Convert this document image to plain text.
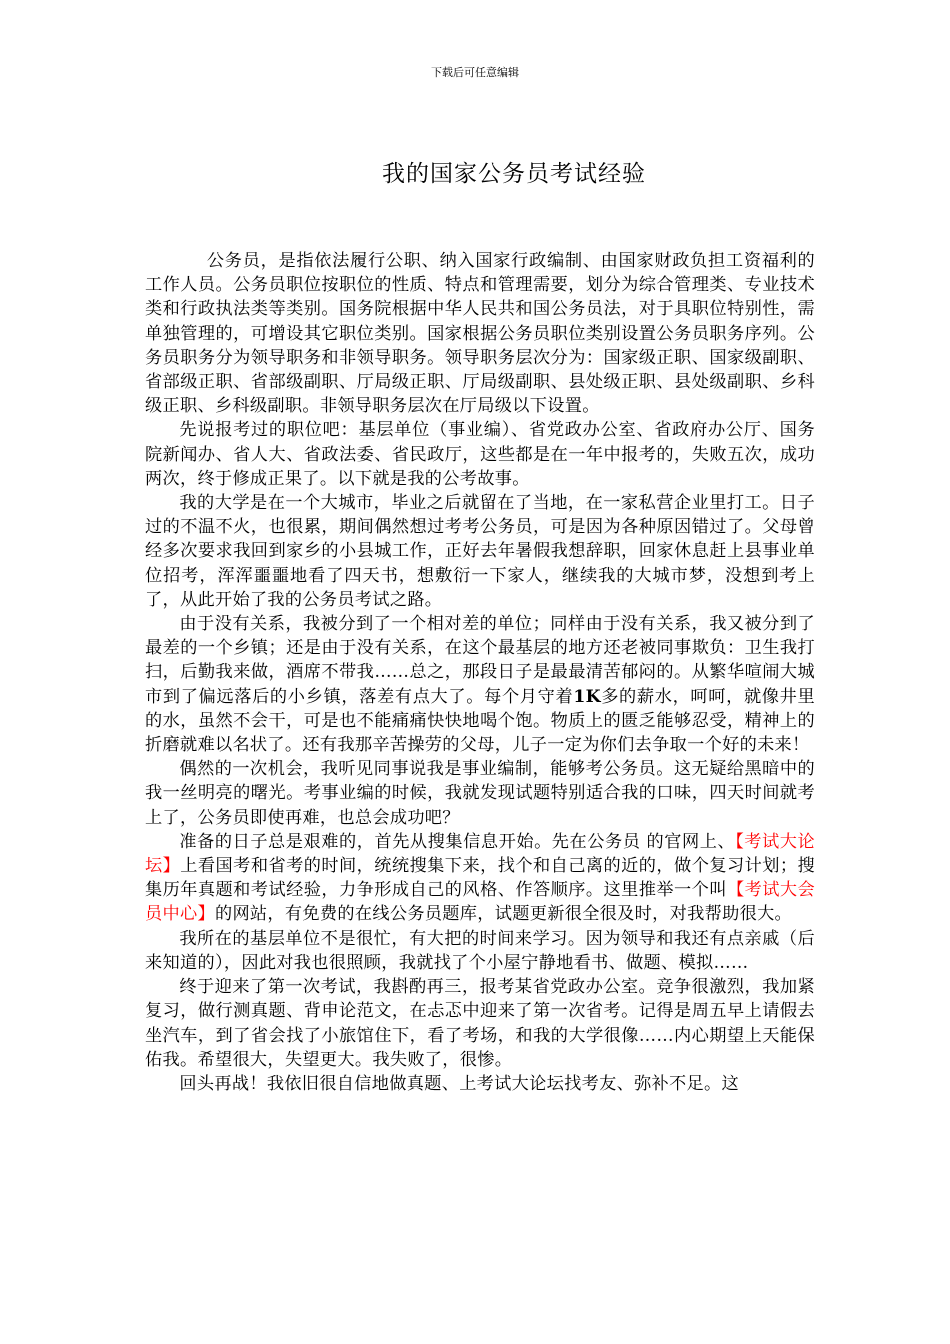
下载后可任意编辑
我的国家公务员考试经验

公务员，是指依法履行公职、纳入国家行政编制、由国家财政负担工资福利的工作人员。公务员职位按职位的性质、特点和管理需要，划分为综合管理类、专业技术类和行政执法类等类别。国务院根据中华人民共和国公务员法，对于具职位特别性，需单独管理的，可增设其它职位类别。国家根据公务员职位类别设置公务员职务序列。公务员职务分为领导职务和非领导职务。领导职务层次分为：国家级正职、国家级副职、省部级正职、省部级副职、厅局级正职、厅局级副职、县处级正职、县处级副职、乡科级正职、乡科级副职。非领导职务层次在厅局级以下设置。

先说报考过的职位吧：基层单位（事业编）、省党政办公室、省政府办公厅、国务院新闻办、省人大、省政法委、省民政厅，这些都是在一年中报考的，失败五次，成功两次，终于修成正果了。以下就是我的公考故事。

我的大学是在一个大城市，毕业之后就留在了当地，在一家私营企业里打工。日子过的不温不火，也很累，期间偶然想过考考公务员，可是因为各种原因错过了。父母曾经多次要求我回到家乡的小县城工作，正好去年暑假我想辞职，回家休息赶上县事业单位招考，浑浑噩噩地看了四天书，想敷衍一下家人，继续我的大城市梦，没想到考上了，从此开始了我的公务员考试之路。

由于没有关系，我被分到了一个相对差的单位；同样由于没有关系，我又被分到了最差的一个乡镇；还是由于没有关系，在这个最基层的地方还老被同事欺负：卫生我打扫，后勤我来做，酒席不带我……总之，那段日子是最最清苦郁闷的。从繁华喧闹大城市到了偏远落后的小乡镇，落差有点大了。每个月守着1K多的薪水，呵呵，就像井里的水，虽然不会干，可是也不能痛痛快快地喝个饱。物质上的匮乏能够忍受，精神上的折磨就难以名状了。还有我那辛苦操劳的父母，儿子一定为你们去争取一个好的未来！

偶然的一次机会，我听见同事说我是事业编制，能够考公务员。这无疑给黑暗中的我一丝明亮的曙光。考事业编的时候，我就发现试题特别适合我的口味，四天时间就考上了，公务员即使再难，也总会成功吧？

准备的日子总是艰难的，首先从搜集信息开始。先在公务员 的官网上、【考试大论坛】上看国考和省考的时间，统统搜集下来，找个和自己离的近的，做个复习计划；搜集历年真题和考试经验，力争形成自己的风格、作答顺序。这里推举一个叫【考试大会员中心】的网站，有免费的在线公务员题库，试题更新很全很及时，对我帮助很大。

我所在的基层单位不是很忙，有大把的时间来学习。因为领导和我还有点亲戚（后来知道的），因此对我也很照顾，我就找了个小屋宁静地看书、做题、模拟……

终于迎来了第一次考试，我斟酌再三，报考某省党政办公室。竞争很激烈，我加紧复习，做行测真题、背申论范文，在忐忑中迎来了第一次省考。记得是周五早上请假去坐汽车，到了省会找了小旅馆住下，看了考场，和我的大学很像……内心期望上天能保佑我。希望很大，失望更大。我失败了，很惨。

回头再战！我依旧很自信地做真题、上考试大论坛找考友、弥补不足。这
